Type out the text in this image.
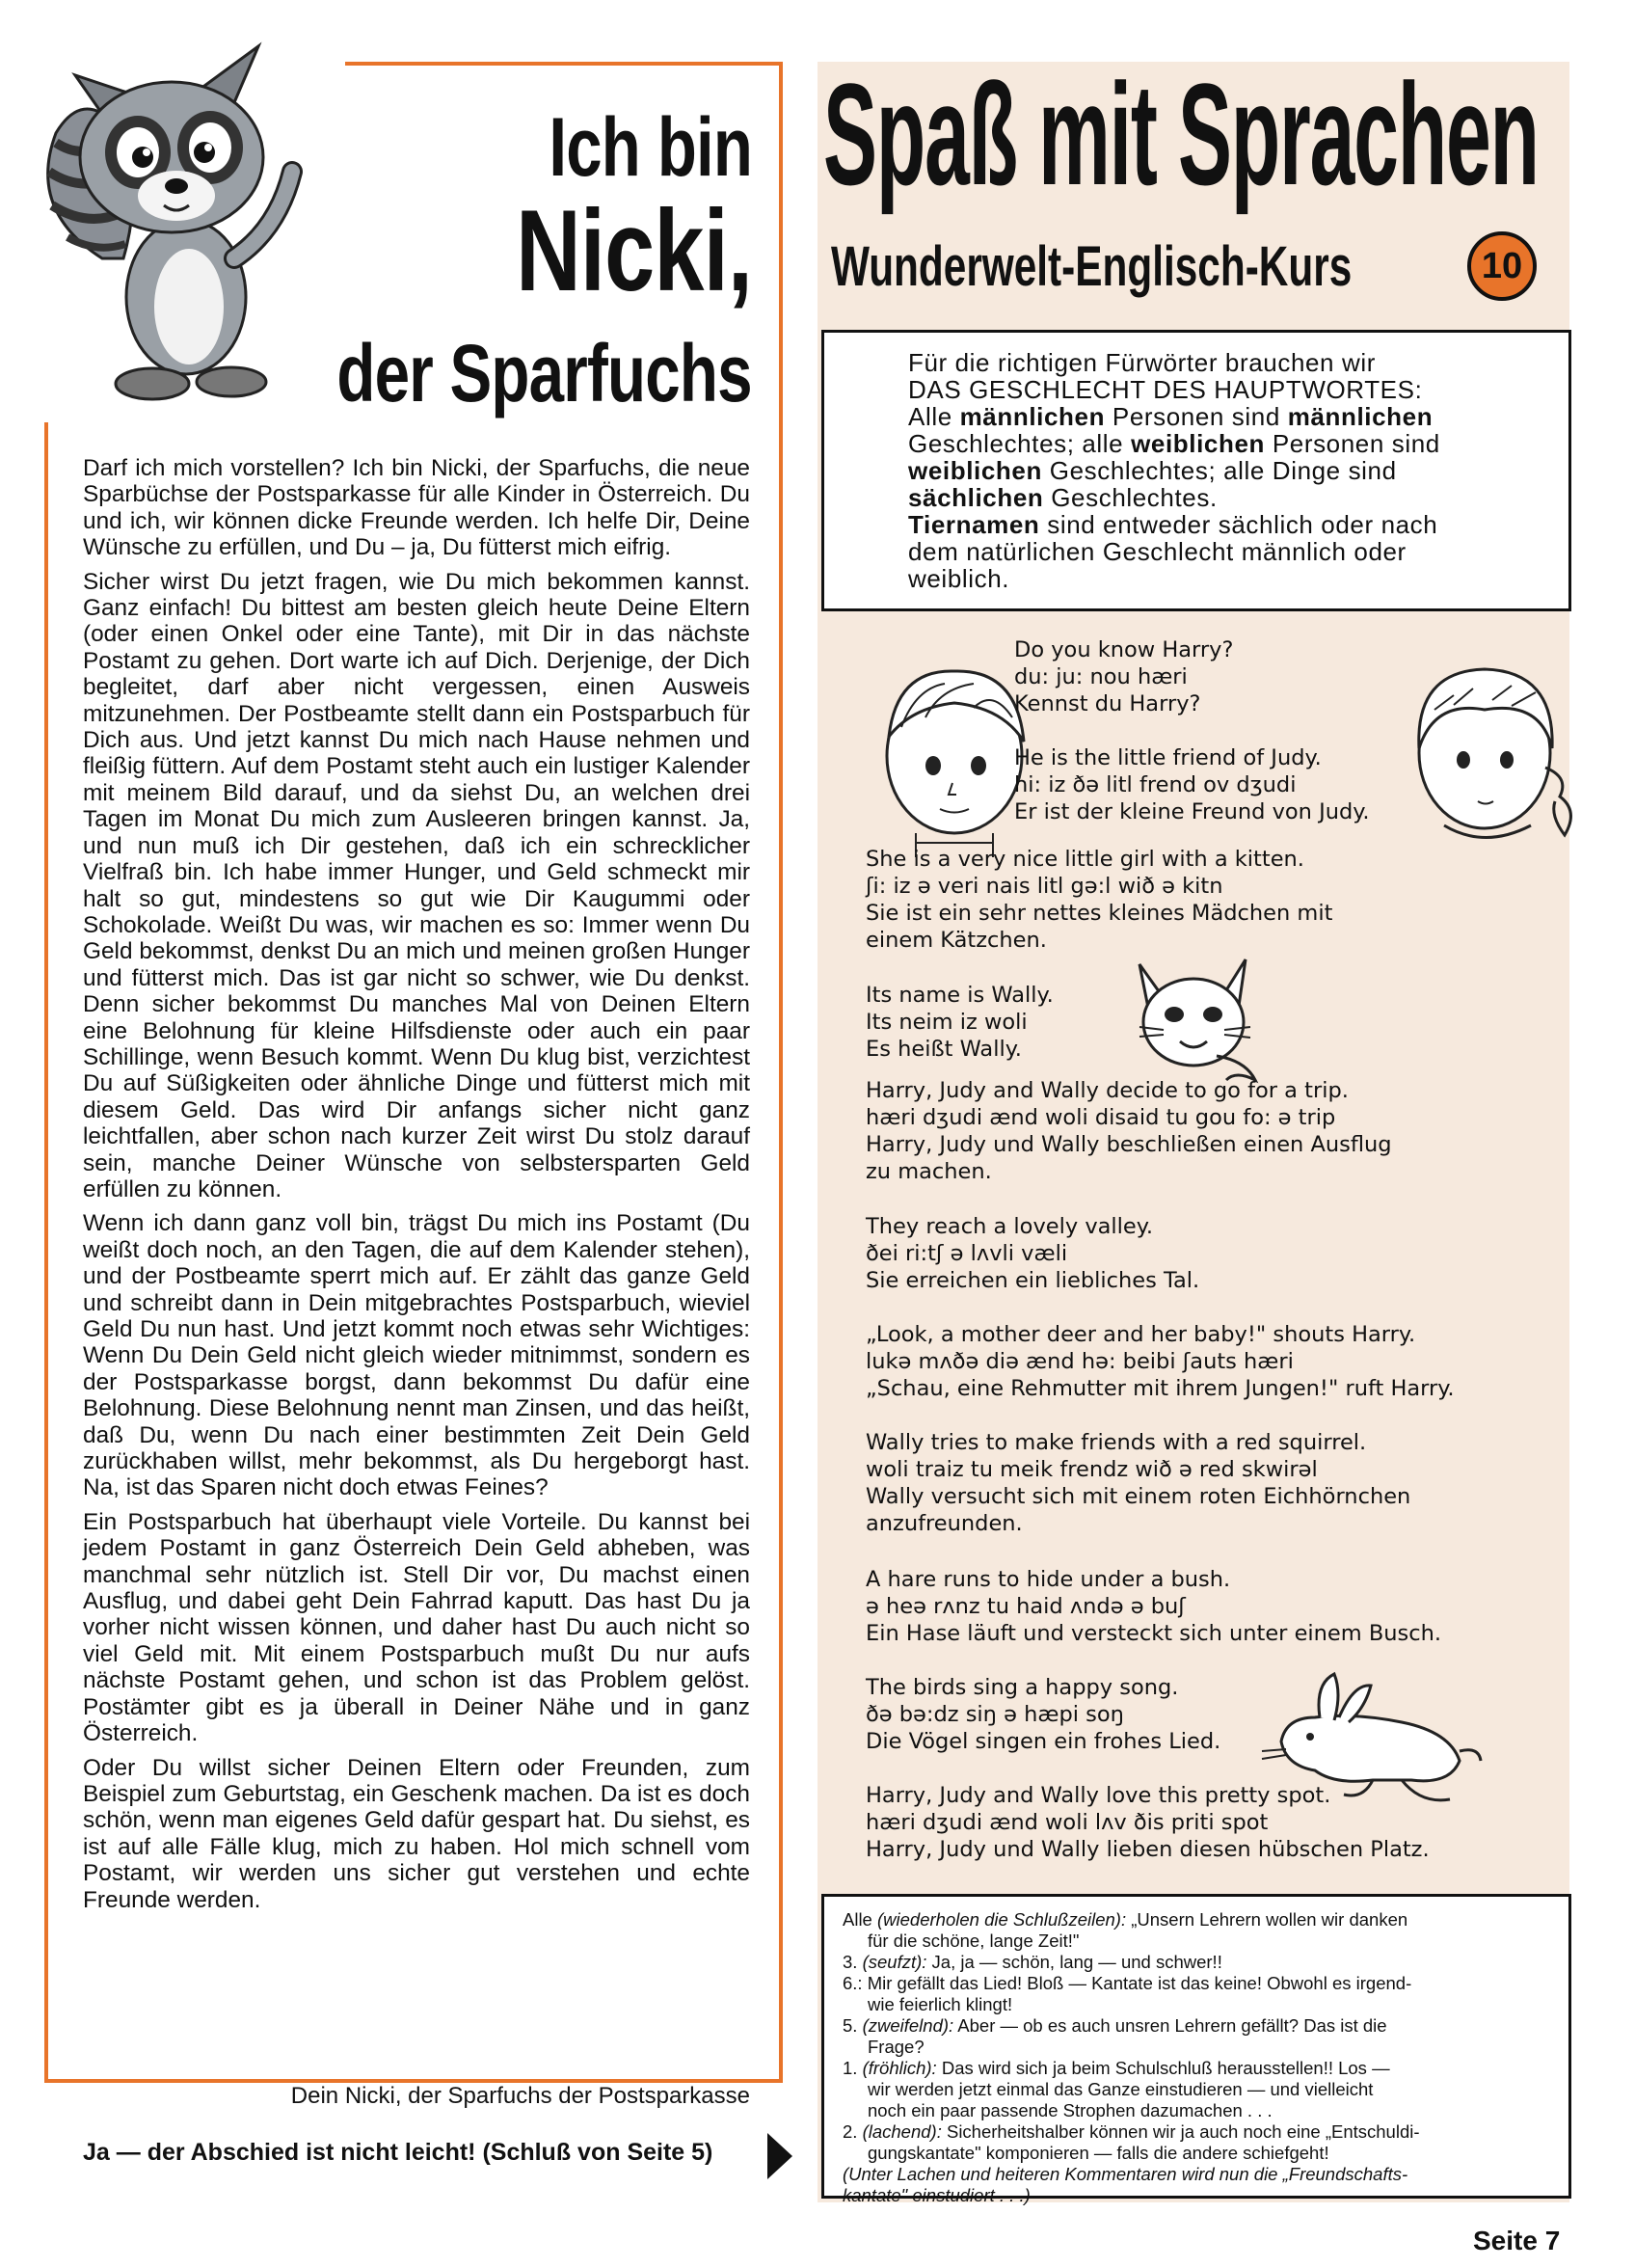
Ich bin
Nicki,
der Sparfuchs

Darf ich mich vorstellen? Ich bin Nicki, der Sparfuchs, die neue Sparbüchse der Postsparkasse für alle Kinder in Österreich. Du und ich, wir können dicke Freunde werden. Ich helfe Dir, Deine Wünsche zu erfüllen, und Du – ja, Du fütterst mich eifrig.

Sicher wirst Du jetzt fragen, wie Du mich bekommen kannst. Ganz einfach! Du bittest am besten gleich heute Deine Eltern (oder einen Onkel oder eine Tante), mit Dir in das nächste Postamt zu gehen. Dort warte ich auf Dich. Derjenige, der Dich begleitet, darf aber nicht vergessen, einen Ausweis mitzunehmen. Der Postbeamte stellt dann ein Postsparbuch für Dich aus. Und jetzt kannst Du mich nach Hause nehmen und fleißig füttern. Auf dem Postamt steht auch ein lustiger Kalender mit meinem Bild darauf, und da siehst Du, an welchen drei Tagen im Monat Du mich zum Ausleeren bringen kannst. Ja, und nun muß ich Dir gestehen, daß ich ein schrecklicher Vielfraß bin. Ich habe immer Hunger, und Geld schmeckt mir halt so gut, mindestens so gut wie Dir Kaugummi oder Schokolade. Weißt Du was, wir machen es so: Immer wenn Du Geld bekommst, denkst Du an mich und meinen großen Hunger und fütterst mich. Das ist gar nicht so schwer, wie Du denkst. Denn sicher bekommst Du manches Mal von Deinen Eltern eine Belohnung für kleine Hilfsdienste oder auch ein paar Schillinge, wenn Besuch kommt. Wenn Du klug bist, verzichtest Du auf Süßigkeiten oder ähnliche Dinge und fütterst mich mit diesem Geld. Das wird Dir anfangs sicher nicht ganz leichtfallen, aber schon nach kurzer Zeit wirst Du stolz darauf sein, manche Deiner Wünsche von selbstersparten Geld erfüllen zu können.

Wenn ich dann ganz voll bin, trägst Du mich ins Postamt (Du weißt doch noch, an den Tagen, die auf dem Kalender stehen), und der Postbeamte sperrt mich auf. Er zählt das ganze Geld und schreibt dann in Dein mitgebrachtes Postsparbuch, wieviel Geld Du nun hast. Und jetzt kommt noch etwas sehr Wichtiges: Wenn Du Dein Geld nicht gleich wieder mitnimmst, sondern es der Postsparkasse borgst, dann bekommst Du dafür eine Belohnung. Diese Belohnung nennt man Zinsen, und das heißt, daß Du, wenn Du nach einer bestimmten Zeit Dein Geld zurückhaben willst, mehr bekommst, als Du hergeborgt hast. Na, ist das Sparen nicht doch etwas Feines?

Ein Postsparbuch hat überhaupt viele Vorteile. Du kannst bei jedem Postamt in ganz Österreich Dein Geld abheben, was manchmal sehr nützlich ist. Stell Dir vor, Du machst einen Ausflug, und dabei geht Dein Fahrrad kaputt. Das hast Du ja vorher nicht wissen können, und daher hast Du auch nicht so viel Geld mit. Mit einem Postsparbuch mußt Du nur aufs nächste Postamt gehen, und schon ist das Problem gelöst. Postämter gibt es ja überall in Deiner Nähe und in ganz Österreich.

Oder Du willst sicher Deinen Eltern oder Freunden, zum Beispiel zum Geburtstag, ein Geschenk machen. Da ist es doch schön, wenn man eigenes Geld dafür gespart hat. Du siehst, es ist auf alle Fälle klug, mich zu haben. Hol mich schnell vom Postamt, wir werden uns sicher gut verstehen und echte Freunde werden.

Dein Nicki, der Sparfuchs der Postsparkasse
Ja — der Abschied ist nicht leicht! (Schluß von Seite 5)
Spaß mit Sprachen
Wunderwelt-Englisch-Kurs	10
Für die richtigen Fürwörter brauchen wir
DAS GESCHLECHT DES HAUPTWORTES:
Alle männlichen Personen sind männlichen
Geschlechtes; alle weiblichen Personen sind
weiblichen Geschlechtes; alle Dinge sind
sächlichen Geschlechtes.
Tiernamen sind entweder sächlich oder nach
dem natürlichen Geschlecht männlich oder
weiblich.
Do you know Harry?
du: ju: nou hæri
Kennst du Harry?
He is the little friend of Judy.
hi: iz ðə litl frend ov dʒudi
Er ist der kleine Freund von Judy.
She is a very nice little girl with a kitten.
ʃi: iz ə veri nais litl gə:l wið ə kitn
Sie ist ein sehr nettes kleines Mädchen mit
einem Kätzchen.
Its name is Wally.
Its neim iz woli
Es heißt Wally.
Harry, Judy and Wally decide to go for a trip.
hæri dʒudi ænd woli disaid tu gou fo: ə trip
Harry, Judy und Wally beschließen einen Ausflug
zu machen.
They reach a lovely valley.
ðei ri:tʃ ə lʌvli væli
Sie erreichen ein liebliches Tal.
„Look, a mother deer and her baby!" shouts Harry.
lukə mʌðə diə ænd hə: beibi ʃauts hæri
„Schau, eine Rehmutter mit ihrem Jungen!" ruft Harry.
Wally tries to make friends with a red squirrel.
woli traiz tu meik frendz wið ə red skwirəl
Wally versucht sich mit einem roten Eichhörnchen
anzufreunden.
A hare runs to hide under a bush.
ə heə rʌnz tu haid ʌndə ə buʃ
Ein Hase läuft und versteckt sich unter einem Busch.
The birds sing a happy song.
ðə bə:dz siŋ ə hæpi soŋ
Die Vögel singen ein frohes Lied.
Harry, Judy and Wally love this pretty spot.
hæri dʒudi ænd woli lʌv ðis priti spot
Harry, Judy und Wally lieben diesen hübschen Platz.
Alle (wiederholen die Schlußzeilen): „Unsern Lehrern wollen wir danken
für die schöne, lange Zeit!"
3. (seufzt): Ja, ja — schön, lang — und schwer!!
6.: Mir gefällt das Lied! Bloß — Kantate ist das keine! Obwohl es irgend-
wie feierlich klingt!
5. (zweifelnd): Aber — ob es auch unsren Lehrern gefällt? Das ist die
Frage?
1. (fröhlich): Das wird sich ja beim Schulschluß herausstellen!! Los —
wir werden jetzt einmal das Ganze einstudieren — und vielleicht
noch ein paar passende Strophen dazumachen . . .
2. (lachend): Sicherheitshalber können wir ja auch noch eine „Entschuldi-
gungskantate" komponieren — falls die andere schiefgeht!
(Unter Lachen und heiteren Kommentaren wird nun die „Freundschafts-
kantate" einstudiert . . .)
Seite 7
